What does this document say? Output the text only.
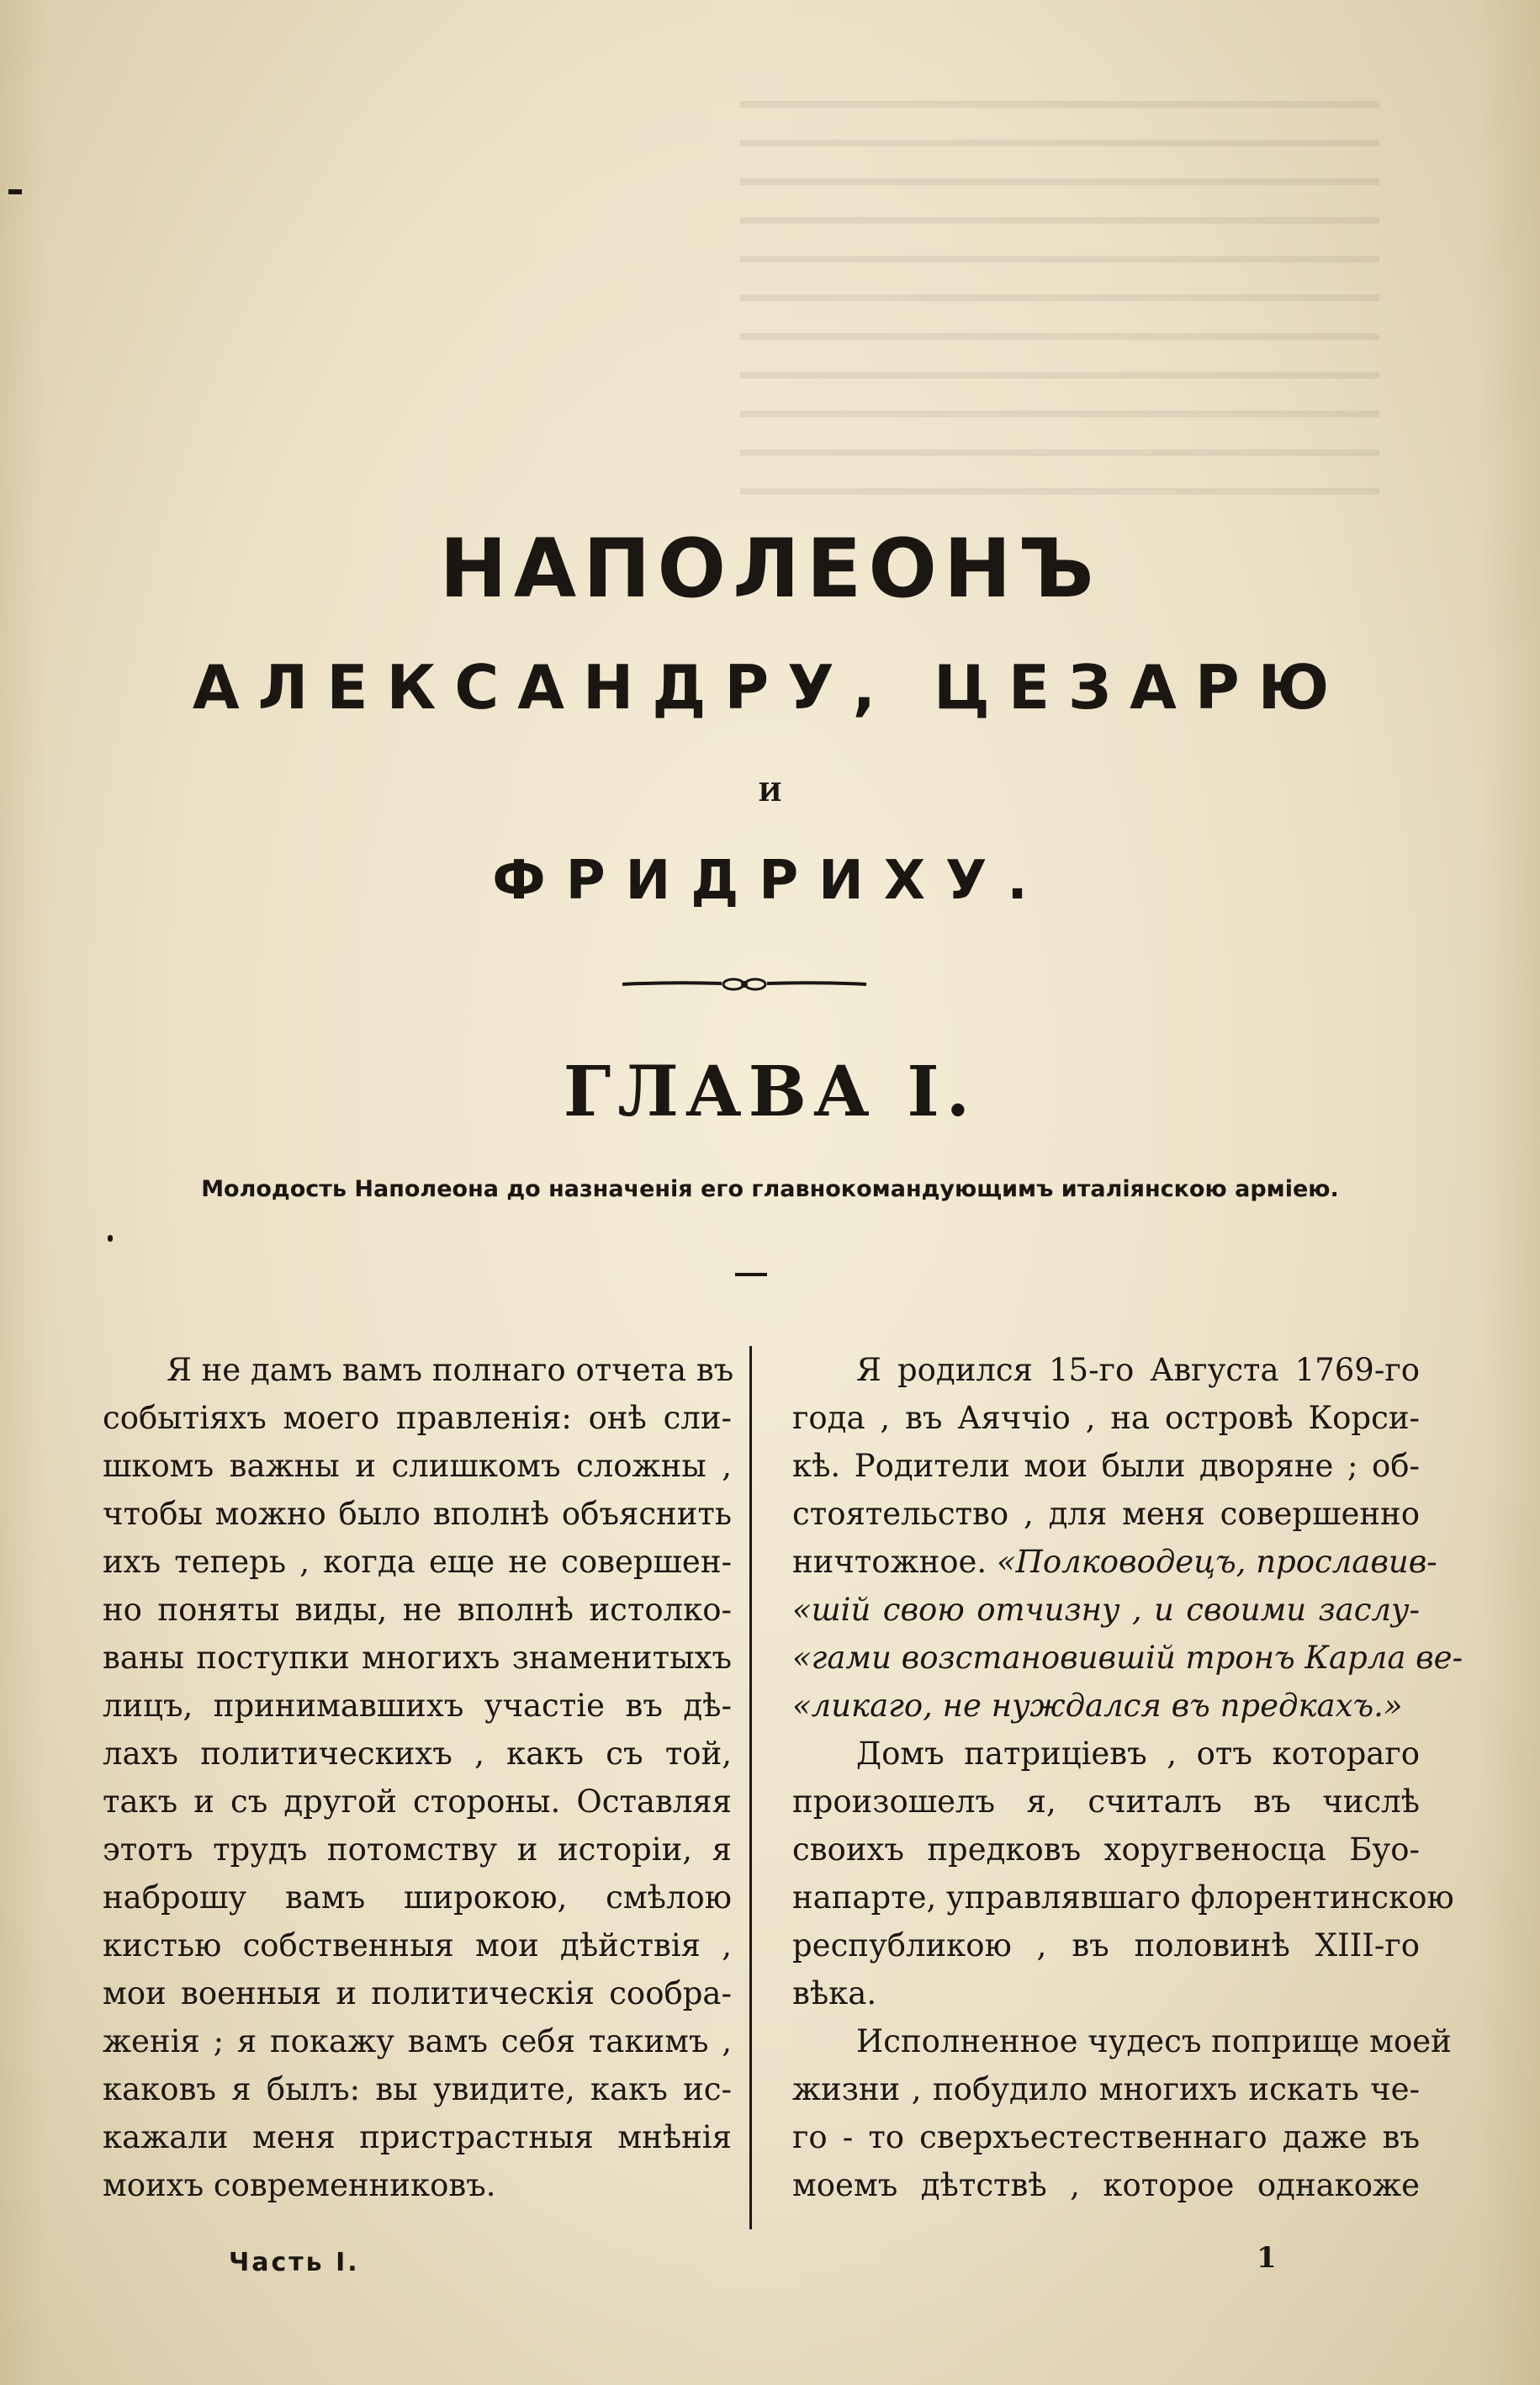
НАПОЛЕОНЪ
АЛЕКСАНДРУ, ЦЕЗАРЮ
И
ФРИДРИХУ.
ГЛАВА I.
Молодость Наполеона до назначенія его главнокомандующимъ италіянскою арміею.
Я не дамъ вамъ полнаго отчета въ
событіяхъ моего правленія: онѣ сли-
шкомъ важны и слишкомъ сложны ,
чтобы можно было вполнѣ объяснить
ихъ теперь , когда еще не совершен-
но поняты виды, не вполнѣ истолко-
ваны поступки многихъ знаменитыхъ
лицъ, принимавшихъ участіе въ дѣ-
лахъ политическихъ , какъ съ той,
такъ и съ другой стороны. Оставляя
этотъ трудъ потомству и исторіи, я
наброшу вамъ широкою, смѣлою
кистью собственныя мои дѣйствія ,
мои военныя и политическія сообра-
женія ; я покажу вамъ себя такимъ ,
каковъ я былъ: вы увидите, какъ ис-
кажали меня пристрастныя мнѣнія
моихъ современниковъ.
Я родился 15-го Августа 1769-го
года , въ Аяччіо , на островѣ Корси-
кѣ. Родители мои были дворяне ; об-
стоятельство , для меня совершенно
ничтожное. «Полководецъ, прославив-
«шій свою отчизну , и своими заслу-
«гами возстановившій тронъ Карла ве-
«ликаго, не нуждался въ предкахъ.»
Домъ патриціевъ , отъ котораго
произошелъ я, считалъ въ числѣ
своихъ предковъ хоругвеносца Буо-
напарте, управлявшаго флорентинскою
республикою , въ половинѣ XIII-го
вѣка.
Исполненное чудесъ поприще моей
жизни , побудило многихъ искать че-
го - то сверхъестественнаго даже въ
моемъ дѣтствѣ , которое однакоже
Часть I.	1
